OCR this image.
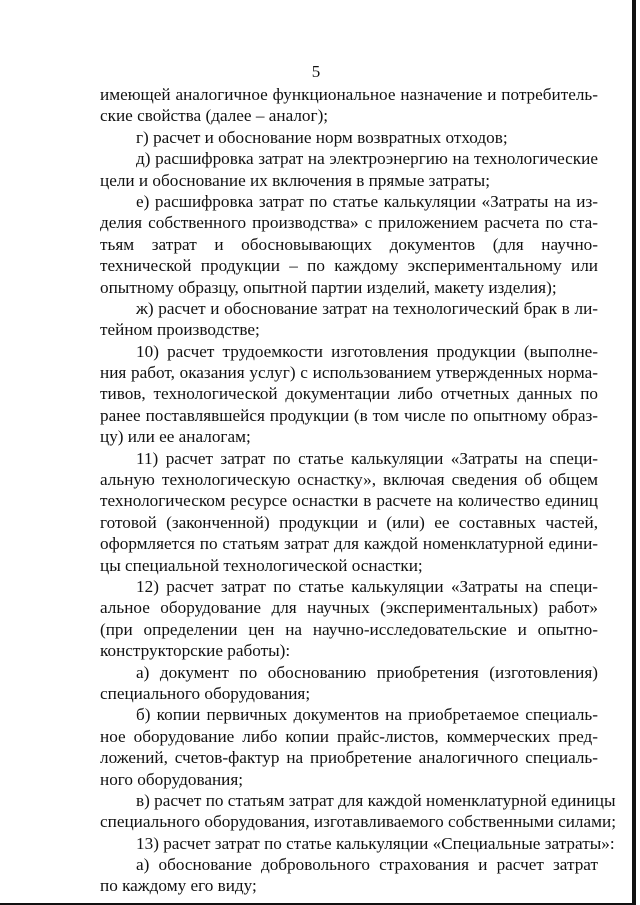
5
имеющей аналогичное функциональное назначение и потребитель-
ские свойства (далее – аналог);
г) расчет и обоснование норм возвратных отходов;
д) расшифровка затрат на электроэнергию на технологические
цели и обоснование их включения в прямые затраты;
е) расшифровка затрат по статье калькуляции «Затраты на из-
делия собственного производства» с приложением расчета по ста-
тьям затрат и обосновывающих документов (для научно-
технической продукции – по каждому экспериментальному или
опытному образцу, опытной партии изделий, макету изделия);
ж) расчет и обоснование затрат на технологический брак в ли-
тейном производстве;
10) расчет трудоемкости изготовления продукции (выполне-
ния работ, оказания услуг) с использованием утвержденных норма-
тивов, технологической документации либо отчетных данных по
ранее поставлявшейся продукции (в том числе по опытному образ-
цу) или ее аналогам;
11) расчет затрат по статье калькуляции «Затраты на специ-
альную технологическую оснастку», включая сведения об общем
технологическом ресурсе оснастки в расчете на количество единиц
готовой (законченной) продукции и (или) ее составных частей,
оформляется по статьям затрат для каждой номенклатурной едини-
цы специальной технологической оснастки;
12) расчет затрат по статье калькуляции «Затраты на специ-
альное оборудование для научных (экспериментальных) работ»
(при определении цен на научно-исследовательские и опытно-
конструкторские работы):
а) документ по обоснованию приобретения (изготовления)
специального оборудования;
б) копии первичных документов на приобретаемое специаль-
ное оборудование либо копии прайс-листов, коммерческих пред-
ложений, счетов-фактур на приобретение аналогичного специаль-
ного оборудования;
в) расчет по статьям затрат для каждой номенклатурной единицы
специального оборудования, изготавливаемого собственными силами;
13) расчет затрат по статье калькуляции «Специальные затраты»:
а) обоснование добровольного страхования и расчет затрат
по каждому его виду;
